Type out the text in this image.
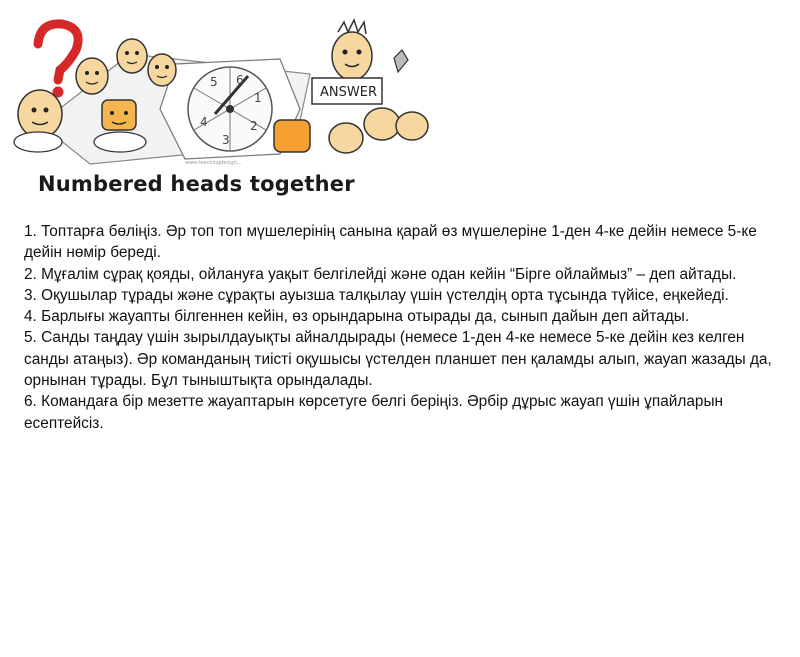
5 6
1
2
3
4
www.teachingdesign...
ANSWER
Numbered heads together

1. Топтарға бөліңіз. Әр топ топ мүшелерінің санына қарай өз мүшелеріне 1-ден 4-ке дейін немесе 5-ке дейін нөмір береді.

2. Мұғалім сұрақ қояды, ойлануға уақыт белгілейді және одан кейін “Бірге ойлаймыз” – деп айтады.

3. Оқушылар тұрады және сұрақты ауызша талқылау үшін үстелдің орта тұсында түйісе, еңкейеді.

4. Барлығы жауапты білгеннен кейін, өз орындарына отырады да, сынып дайын деп айтады.

5. Санды таңдау үшін зырылдауықты айналдырады (немесе 1-ден 4-ке немесе 5-ке дейін кез келген санды атаңыз). Әр команданың тиісті оқушысы үстелден планшет пен қаламды алып, жауап жазады да, орнынан тұрады. Бұл тыныштықта орындалады.

6. Командаға бір мезетте жауаптарын көрсетуге белгі беріңіз. Әрбір дұрыс жауап үшін ұпайларын есептейсіз.
